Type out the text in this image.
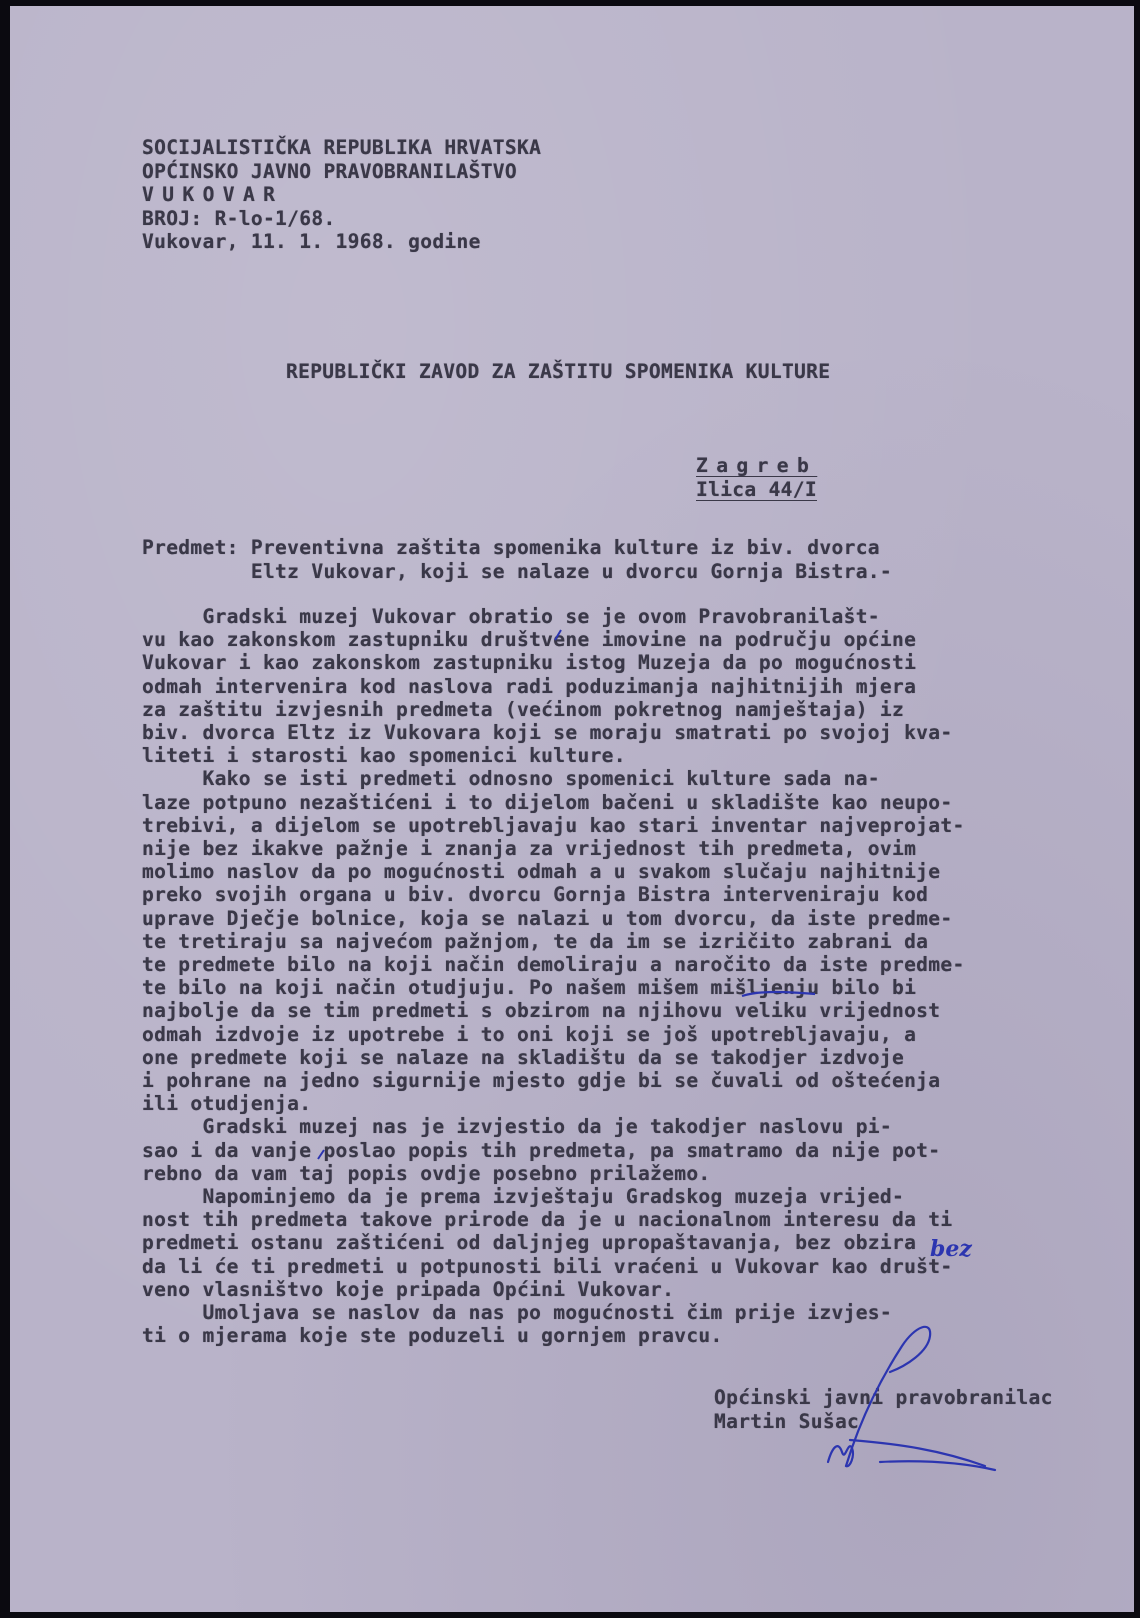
SOCIJALISTIČKA REPUBLIKA HRVATSKA
OPĆINSKO JAVNO PRAVOBRANILAŠTVO
VUKOVAR
BROJ: R-lo-1/68.
Vukovar, 11. 1. 1968. godine
REPUBLIČKI ZAVOD ZA ZAŠTITU SPOMENIKA KULTURE
Zagreb
Ilica 44/I
Predmet: Preventivna zaštita spomenika kulture iz biv. dvorca
Eltz Vukovar, koji se nalaze u dvorcu Gornja Bistra.-
Gradski muzej Vukovar obratio se je ovom Pravobranilašt-
vu kao zakonskom zastupniku društvene imovine na području općine
Vukovar i kao zakonskom zastupniku istog Muzeja da po mogućnosti
odmah intervenira kod naslova radi poduzimanja najhitnijih mjera
za zaštitu izvjesnih predmeta (većinom pokretnog namještaja) iz
biv. dvorca Eltz iz Vukovara koji se moraju smatrati po svojoj kva-
liteti i starosti kao spomenici kulture.
Kako se isti predmeti odnosno spomenici kulture sada na-
laze potpuno nezaštićeni i to dijelom bačeni u skladište kao neupo-
trebivi, a dijelom se upotrebljavaju kao stari inventar najveprojat-
nije bez ikakve pažnje i znanja za vrijednost tih predmeta, ovim
molimo naslov da po mogućnosti odmah a u svakom slučaju najhitnije
preko svojih organa u biv. dvorcu Gornja Bistra interveniraju kod
uprave Dječje bolnice, koja se nalazi u tom dvorcu, da iste predme-
te tretiraju sa najvećom pažnjom, te da im se izričito zabrani da
te predmete bilo na koji način demoliraju a naročito da iste predme-
te bilo na koji način otudjuju. Po našem mišem mišljenju bilo bi
najbolje da se tim predmeti s obzirom na njihovu veliku vrijednost
odmah izdvoje iz upotrebe i to oni koji se još upotrebljavaju, a
one predmete koji se nalaze na skladištu da se takodjer izdvoje
i pohrane na jedno sigurnije mjesto gdje bi se čuvali od oštećenja
ili otudjenja.
Gradski muzej nas je izvjestio da je takodjer naslovu pi-
sao i da vanje poslao popis tih predmeta, pa smatramo da nije pot-
rebno da vam taj popis ovdje posebno prilažemo.
Napominjemo da je prema izvještaju Gradskog muzeja vrijed-
nost tih predmeta takove prirode da je u nacionalnom interesu da ti
predmeti ostanu zaštićeni od daljnjeg upropaštavanja, bez obzira
da li će ti predmeti u potpunosti bili vraćeni u Vukovar kao društ-
veno vlasništvo koje pripada Općini Vukovar.
Umoljava se naslov da nas po mogućnosti čim prije izvjes-
ti o mjerama koje ste poduzeli u gornjem pravcu.
Općinski javni pravobranilac
Martin Sušac
bez
